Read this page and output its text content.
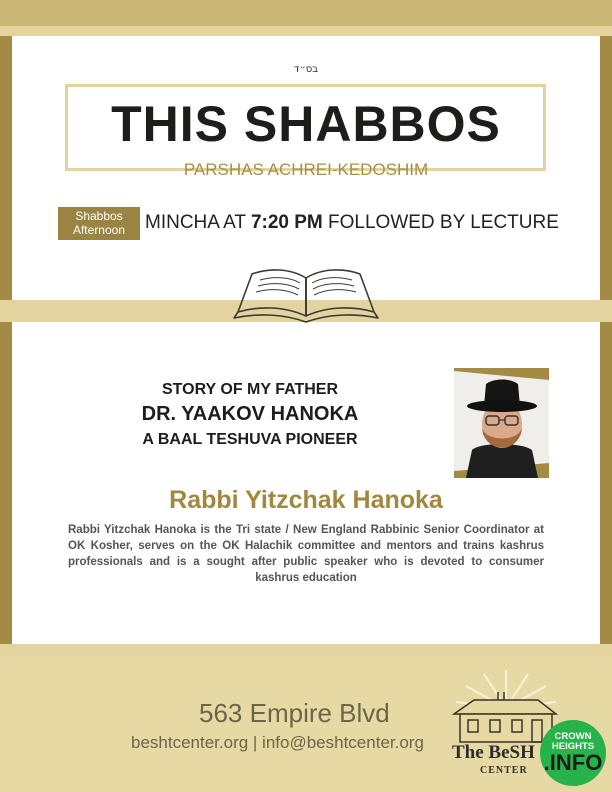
בס״ד
THIS SHABBOS
PARSHAS ACHREI-KEDOSHIM
Shabbos
Afternoon	MINCHA AT 7:20 PM FOLLOWED BY LECTURE
STORY OF MY FATHER
DR. YAAKOV HANOKA
A BAAL TESHUVA PIONEER
Rabbi Yitzchak Hanoka
Rabbi Yitzchak Hanoka is the Tri state / New England Rabbinic Senior Coordinator at OK Kosher, serves on the OK Halachik committee and mentors and trains kashrus professionals and is a sought after public speaker who is devoted to consumer kashrus education
563 Empire Blvd
beshtcenter.org | info@beshtcenter.org The BeSH
CENTER
CROWN
HEIGHTS
.INFO
